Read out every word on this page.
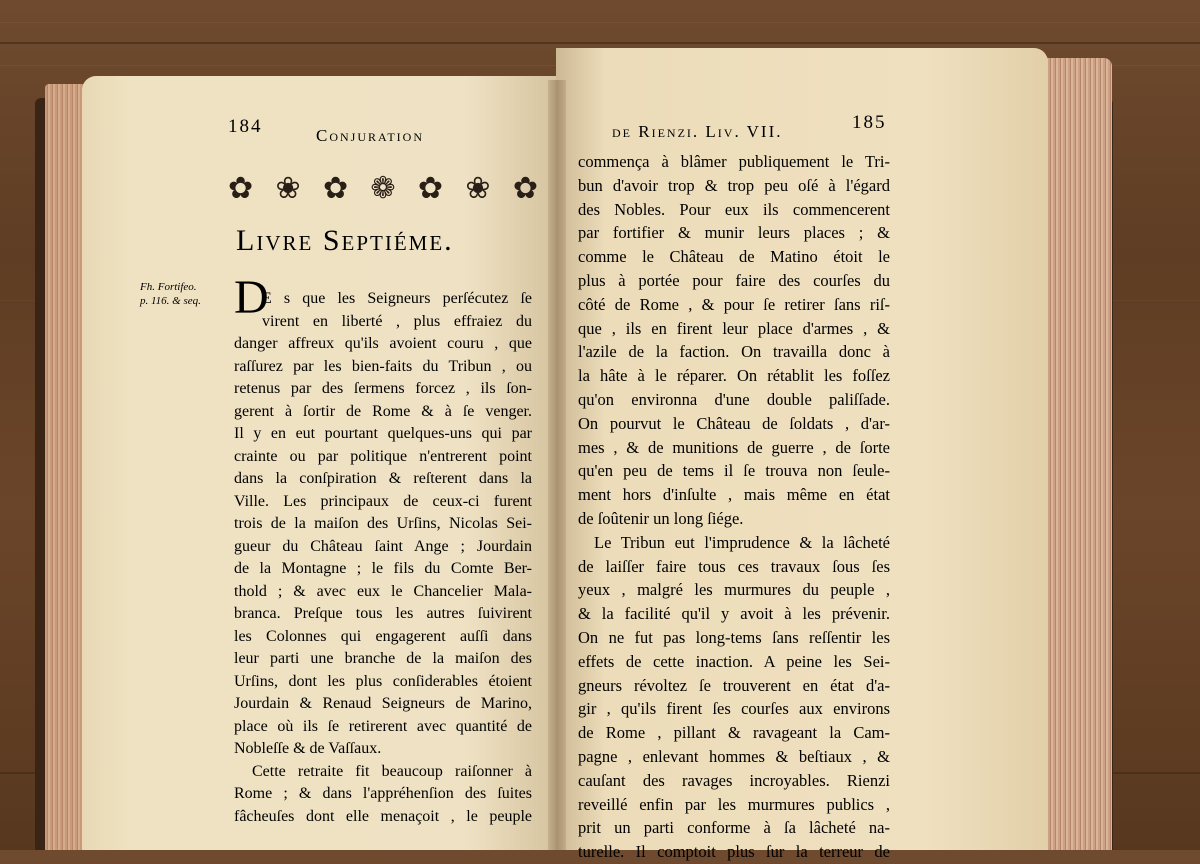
184	Conjuration
✿ ❀ ✿ ❁ ✿ ❀ ✿
Livre Septiéme.
Fh. Fortifeo.
p. 116. & seq. D
E s que les Seigneurs perſécutez ſe
virent en liberté , plus effraiez du
danger affreux qu'ils avoient couru , que
raſſurez par les bien-faits du Tribun , ou
retenus par des ſermens forcez , ils ſon-
gerent à ſortir de Rome & à ſe venger.
Il y en eut pourtant quelques-uns qui par
crainte ou par politique n'entrerent point
dans la conſpiration & reſterent dans la
Ville. Les principaux de ceux-ci furent
trois de la maiſon des Urſins, Nicolas Sei-
gueur du Château ſaint Ange ; Jourdain
de la Montagne ; le fils du Comte Ber-
thold ; & avec eux le Chancelier Mala-
branca. Preſque tous les autres ſuivirent
les Colonnes qui engagerent auſſi dans
leur parti une branche de la maiſon des
Urſins, dont les plus conſiderables étoient
Jourdain & Renaud Seigneurs de Marino,
place où ils ſe retirerent avec quantité de
Nobleſſe & de Vaſſaux.
Cette retraite fit beaucoup raiſonner à
Rome ; & dans l'appréhenſion des ſuites
fâcheuſes dont elle menaçoit , le peuple
de Rienzi. Liv. VII.	185
commença à blâmer publiquement le Tri-
bun d'avoir trop & trop peu oſé à l'égard
des Nobles. Pour eux ils commencerent
par fortifier & munir leurs places ; &
comme le Château de Matino étoit le
plus à portée pour faire des courſes du
côté de Rome , & pour ſe retirer ſans riſ-
que , ils en firent leur place d'armes , &
l'azile de la faction. On travailla donc à
la hâte à le réparer. On rétablit les foſſez
qu'on environna d'une double paliſſade.
On pourvut le Château de ſoldats , d'ar-
mes , & de munitions de guerre , de ſorte
qu'en peu de tems il ſe trouva non ſeule-
ment hors d'inſulte , mais même en état
de ſoûtenir un long ſiége.
Le Tribun eut l'imprudence & la lâcheté
de laiſſer faire tous ces travaux ſous ſes
yeux , malgré les murmures du peuple ,
& la facilité qu'il y avoit à les prévenir.
On ne fut pas long-tems ſans reſſentir les
effets de cette inaction. A peine les Sei-
gneurs révoltez ſe trouverent en état d'a-
gir , qu'ils firent ſes courſes aux environs
de Rome , pillant & ravageant la Cam-
pagne , enlevant hommes & beſtiaux , &
cauſant des ravages incroyables. Rienzi
reveillé enfin par les murmures publics ,
prit un parti conforme à ſa lâcheté na-
turelle. Il comptoit plus ſur la terreur de
